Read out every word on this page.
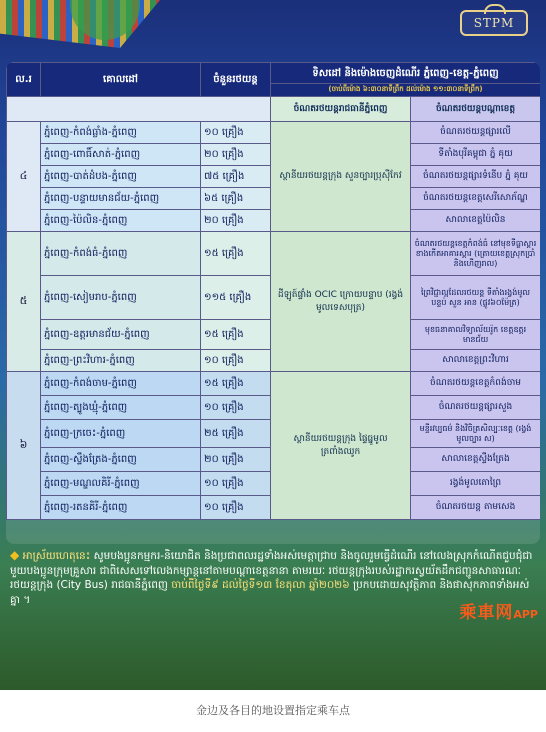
STPM
ល.រ	គោលដៅ	ចំនួនរថយន្ត	ទិសដៅ និងម៉ោងចេញដំណើរ ភ្នំពេញ-ខេត្ត-ភ្នំពេញ	
			(ចាប់ពីម៉ោង ៦:៣០នាទីព្រឹក ដល់ម៉ោង ១១:៣០នាទីព្រឹក)	
			ចំណតរថយន្តរាជធានីភ្នំពេញ	ចំណតរថយន្តបណ្តាខេត្ត
៤	ភ្នំពេញ-កំពង់ធ្លាំង-ភ្នំពេញ	១០ គ្រឿង	ស្ថានីយរថយន្តក្រុង សួនច្បារប្រុស៊ីកែវ	ចំណតរថយន្តផ្សារលើ
	ភ្នំពេញ-ពោធិ៍សាត់-ភ្នំពេញ	២០ គ្រឿង		ទីតាំងបុរីគម្ពុជា ភ្នំ គុយ
	ភ្នំពេញ-បាត់ដំបង-ភ្នំពេញ	៧៥ គ្រឿង		ចំណតរថយន្តផ្សារទំនើប ភ្នំ គុយ
	ភ្នំពេញ-បន្ទាយមានជ័យ-ភ្នំពេញ	៦៥ គ្រឿង		ចំណតរថយន្តខេត្តសេរីសោភ័ណ្ឌ
	ភ្នំពេញ-ប៉ៃលិន-ភ្នំពេញ	២០ គ្រឿង		សាលាខេត្តប៉ៃលិន
៥	ភ្នំពេញ-កំពង់ធំ-ភ្នំពេញ	១៥ គ្រឿង	ដីឡូត៍ផ្ទាំង OCIC ក្រោយបន្ទាប (រង្វង់មូលទេសបុត្រ)	ចំណតរថយន្តខេត្តកំពង់ធំ នៅមុខទីធ្លាស្ដារ ខាងកើតអាគារស្ដារ (ត្រោយខេត្តស្រុកប្រាំ និងហើញរាល)
	ភ្នំពេញ-សៀមរាប-ភ្នំពេញ	១១៥ គ្រឿង		ព្រៃវិជ្ជាល្អដែលរថយន្ត ទីតាំងរង្វង់មូលបន្ទប់ សួន អាន (ផ្លូវ៦០ម៉ែត្រ)
	ភ្នំពេញ-ឧត្តរមានជ័យ-ភ្នំពេញ	១៥ គ្រឿង		មុខធនាគាលវិទ្យាល័យរ៉ូក ខេត្តឧត្តរមានជ័យ
	ភ្នំពេញ-ព្រះវិហារ-ភ្នំពេញ	១០ គ្រឿង		សាលាខេត្តព្រះវិហារ
៦	ភ្នំពេញ-កំពង់ចាម-ភ្នំពេញ	១៥ គ្រឿង	ស្ថានីយរថយន្តក្រុង ផ្ទៃធ្នូមូលត្រពាំងឈូក	ចំណតរថយន្តខេត្តកំពង់ចាម
	ភ្នំពេញ-ត្បូងឃ្មុំ-ភ្នំពេញ	១០ គ្រឿង		ចំណតរថយន្តផ្សារសួង
	ភ្នំពេញ-ក្រចេះ-ភ្នំពេញ	២៥ គ្រឿង		មន្ទីរវប្បធម៌ និងវិចិត្រសិល្បៈខេត្ត (រង្វង់មូលច្បារ ស)
	ភ្នំពេញ-ស្ទឹងត្រែង-ភ្នំពេញ	២០ គ្រឿង		សាលាខេត្តស្ទឹងត្រែង
	ភ្នំពេញ-មណ្ឌលគិរី-ភ្នំពេញ	១០ គ្រឿង		រង្វង់មូលតោព្រៃ
	ភ្នំពេញ-រតនគិរី-ភ្នំពេញ	១០ គ្រឿង		ចំណតរថយន្ត តាមសេង
◆ អាស្រ័យហេតុនេះ សូមបងប្អូនកម្មករ-និយោជិត និងប្រជាពលរដ្ឋទាំងអស់មេត្តាជ្រាប និងចូលរួមធ្វើដំណើរ នៅលេងស្រុកកំណើតជួបជុំជាមួយបងប្អូនក្រុមគ្រួសារ ជាពិសេសទៅលេងកម្សាន្តនៅតាមបណ្ដាខេត្តនានា តាមរយៈ រថយន្តក្រុងរបស់រដ្ឋាករស្វយ័តដឹកជញ្ជូនសាធារណៈរថយន្តក្រុង (City Bus) រាជធានីភ្នំពេញ ចាប់ពីថ្ងៃទី៩ ដល់ថ្ងៃទី១៣ ខែតុលា ឆ្នាំ២០២៦ ប្រកបដោយសុវត្ថិភាព និងផាសុកភាពទាំងអស់គ្នា ។
乘車网APP
金边及各目的地设置指定乘车点
